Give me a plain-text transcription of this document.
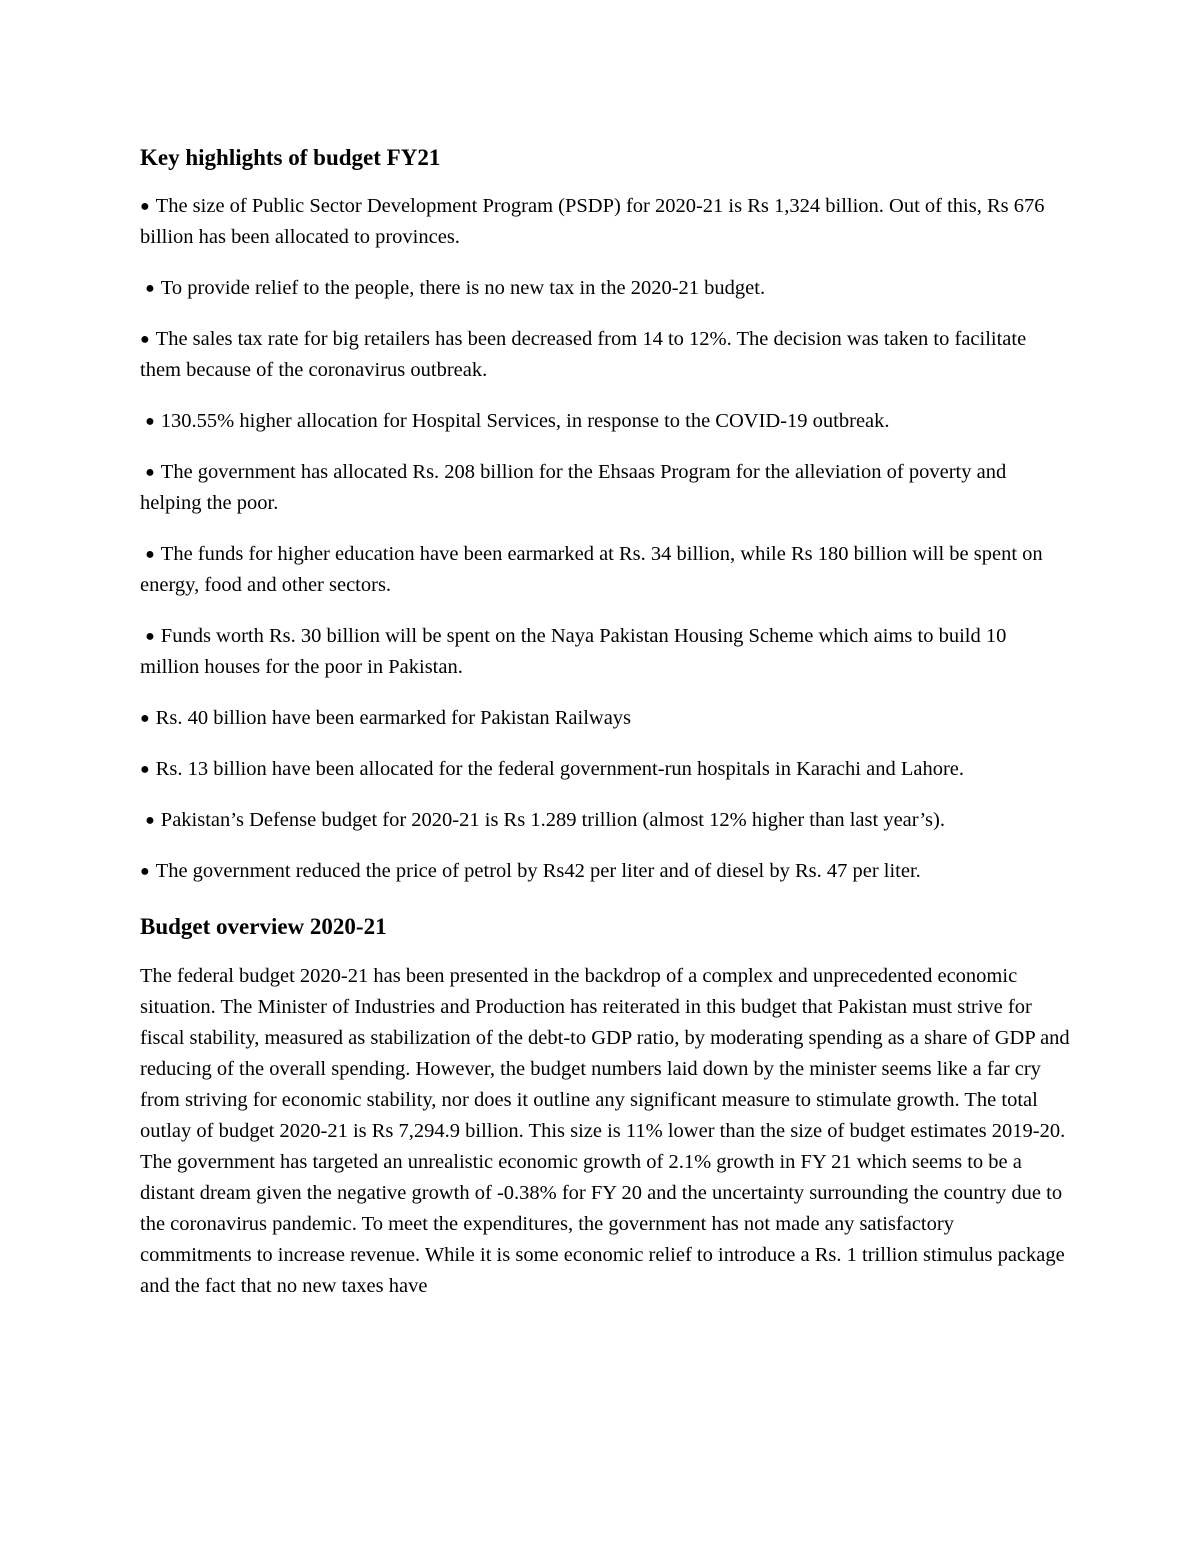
Key highlights of budget FY21
● The size of Public Sector Development Program (PSDP) for 2020-21 is Rs 1,324 billion. Out of this, Rs 676 billion has been allocated to provinces.
● To provide relief to the people, there is no new tax in the 2020-21 budget.
● The sales tax rate for big retailers has been decreased from 14 to 12%. The decision was taken to facilitate them because of the coronavirus outbreak.
● 130.55% higher allocation for Hospital Services, in response to the COVID-19 outbreak.
● The government has allocated Rs. 208 billion for the Ehsaas Program for the alleviation of poverty and helping the poor.
● The funds for higher education have been earmarked at Rs. 34 billion, while Rs 180 billion will be spent on energy, food and other sectors.
● Funds worth Rs. 30 billion will be spent on the Naya Pakistan Housing Scheme which aims to build 10 million houses for the poor in Pakistan.
● Rs. 40 billion have been earmarked for Pakistan Railways
● Rs. 13 billion have been allocated for the federal government-run hospitals in Karachi and Lahore.
● Pakistan’s Defense budget for 2020-21 is Rs 1.289 trillion (almost 12% higher than last year’s).
● The government reduced the price of petrol by Rs42 per liter and of diesel by Rs. 47 per liter.
Budget overview 2020-21

The federal budget 2020-21 has been presented in the backdrop of a complex and unprecedented economic situation. The Minister of Industries and Production has reiterated in this budget that Pakistan must strive for fiscal stability, measured as stabilization of the debt-to GDP ratio, by moderating spending as a share of GDP and reducing of the overall spending. However, the budget numbers laid down by the minister seems like a far cry from striving for economic stability, nor does it outline any significant measure to stimulate growth. The total outlay of budget 2020-21 is Rs 7,294.9 billion. This size is 11% lower than the size of budget estimates 2019-20. The government has targeted an unrealistic economic growth of 2.1% growth in FY 21 which seems to be a distant dream given the negative growth of -0.38% for FY 20 and the uncertainty surrounding the country due to the coronavirus pandemic. To meet the expenditures, the government has not made any satisfactory commitments to increase revenue. While it is some economic relief to introduce a Rs. 1 trillion stimulus package and the fact that no new taxes have
